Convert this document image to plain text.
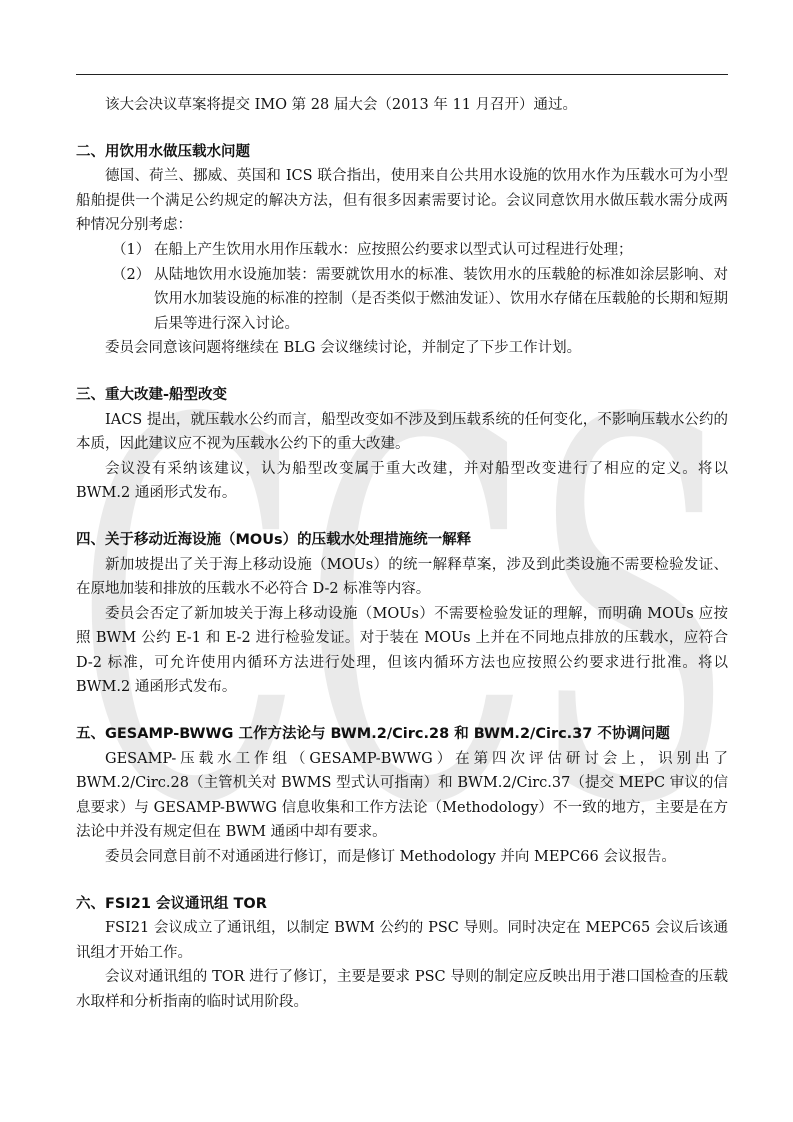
CCS

该大会决议草案将提交 IMO 第 28 届大会（2013 年 11 月召开）通过。

二、用饮用水做压载水问题

德国、荷兰、挪威、英国和 ICS 联合指出，使用来自公共用水设施的饮用水作为压载水可为小型船舶提供一个满足公约规定的解决方法，但有很多因素需要讨论。会议同意饮用水做压载水需分成两种情况分别考虑：

（1） 在船上产生饮用水用作压载水：应按照公约要求以型式认可过程进行处理；
（2） 从陆地饮用水设施加装：需要就饮用水的标准、装饮用水的压载舱的标准如涂层影响、对饮用水加装设施的标准的控制（是否类似于燃油发证）、饮用水存储在压载舱的长期和短期后果等进行深入讨论。

委员会同意该问题将继续在 BLG 会议继续讨论，并制定了下步工作计划。

三、重大改建-船型改变

IACS 提出，就压载水公约而言，船型改变如不涉及到压载系统的任何变化，不影响压载水公约的本质，因此建议应不视为压载水公约下的重大改建。

会议没有采纳该建议，认为船型改变属于重大改建，并对船型改变进行了相应的定义。将以 BWM.2 通函形式发布。

四、关于移动近海设施（MOUs）的压载水处理措施统一解释

新加坡提出了关于海上移动设施（MOUs）的统一解释草案，涉及到此类设施不需要检验发证、在原地加装和排放的压载水不必符合 D-2 标准等内容。

委员会否定了新加坡关于海上移动设施（MOUs）不需要检验发证的理解，而明确 MOUs 应按照 BWM 公约 E-1 和 E-2 进行检验发证。对于装在 MOUs 上并在不同地点排放的压载水，应符合 D-2 标准，可允许使用内循环方法进行处理，但该内循环方法也应按照公约要求进行批准。将以 BWM.2 通函形式发布。

五、GESAMP-BWWG 工作方法论与 BWM.2/Circ.28 和 BWM.2/Circ.37 不协调问题

GESAMP-压载水工作组（GESAMP-BWWG）在第四次评估研讨会上，识别出了 BWM.2/Circ.28（主管机关对 BWMS 型式认可指南）和 BWM.2/Circ.37（提交 MEPC 审议的信息要求）与 GESAMP-BWWG 信息收集和工作方法论（Methodology）不一致的地方，主要是在方法论中并没有规定但在 BWM 通函中却有要求。

委员会同意目前不对通函进行修订，而是修订 Methodology 并向 MEPC66 会议报告。

六、FSI21 会议通讯组 TOR

FSI21 会议成立了通讯组，以制定 BWM 公约的 PSC 导则。同时决定在 MEPC65 会议后该通讯组才开始工作。

会议对通讯组的 TOR 进行了修订，主要是要求 PSC 导则的制定应反映出用于港口国检查的压载水取样和分析指南的临时试用阶段。
